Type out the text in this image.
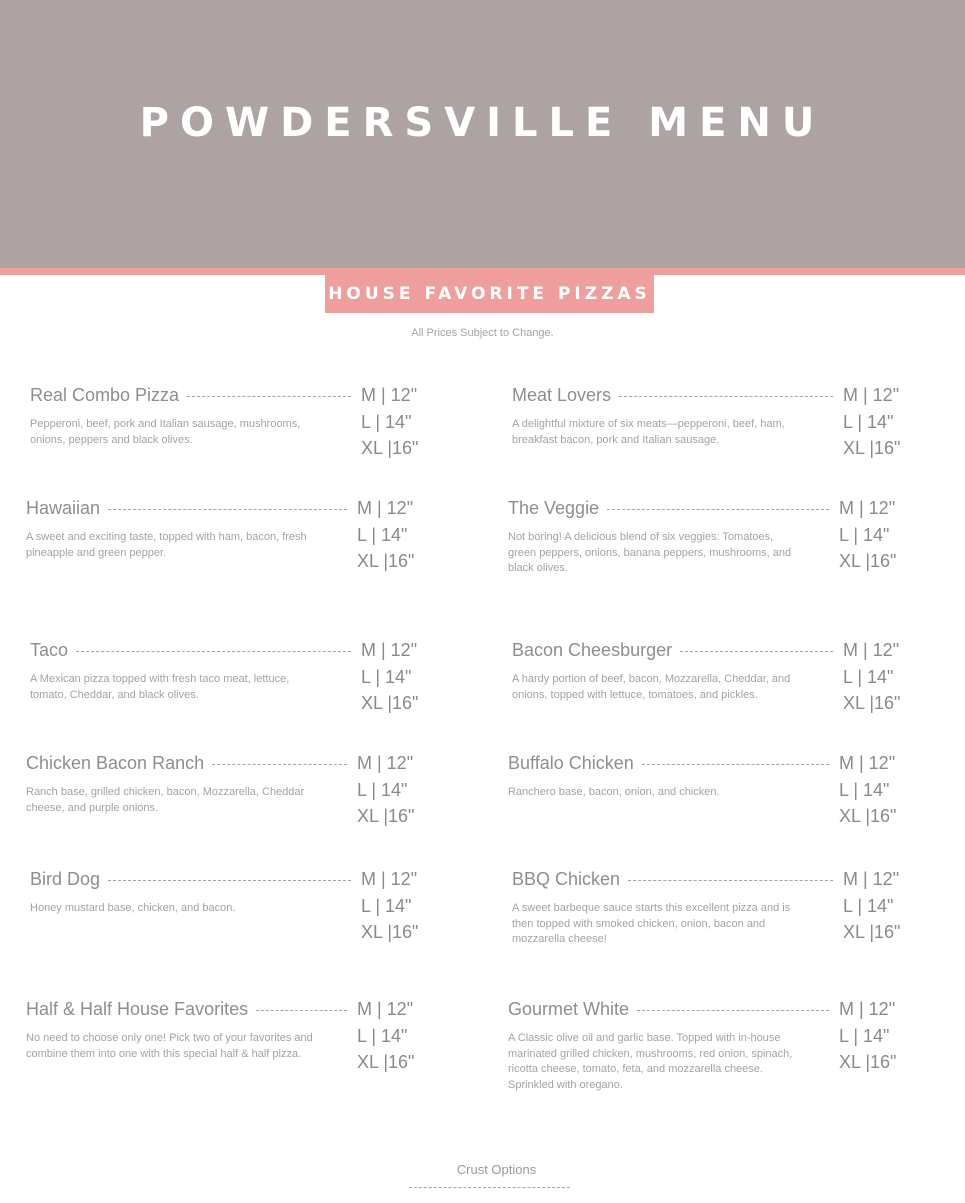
POWDERSVILLE MENU
HOUSE FAVORITE PIZZAS
All Prices Subject to Change.
Real Combo Pizza
Pepperoni, beef, pork and Italian sausage, mushrooms, onions, peppers and black olives.
M | 12"
L | 14"
XL |16"
Meat Lovers
A delightful mixture of six meats—pepperoni, beef, ham, breakfast bacon, pork and Italian sausage.
M | 12"
L | 14"
XL |16"
Hawaiian
A sweet and exciting taste, topped with ham, bacon, fresh pineapple and green pepper.
M | 12"
L | 14"
XL |16"
The Veggie
Not boring! A delicious blend of six veggies: Tomatoes, green peppers, onions, banana peppers, mushrooms, and black olives.
M | 12"
L | 14"
XL |16"
Taco
A Mexican pizza topped with fresh taco meat, lettuce, tomato, Cheddar, and black olives.
M | 12"
L | 14"
XL |16"
Bacon Cheesburger
A hardy portion of beef, bacon, Mozzarella, Cheddar, and onions, topped with lettuce, tomatoes, and pickles.
M | 12"
L | 14"
XL |16"
Chicken Bacon Ranch
Ranch base, grilled chicken, bacon, Mozzarella, Cheddar cheese, and purple onions.
M | 12"
L | 14"
XL |16"
Buffalo Chicken
Ranchero base, bacon, onion, and chicken.
M | 12"
L | 14"
XL |16"
Bird Dog
Honey mustard base, chicken, and bacon.
M | 12"
L | 14"
XL |16"
BBQ Chicken
A sweet barbeque sauce starts this excellent pizza and is then topped with smoked chicken, onion, bacon and mozzarella cheese!
M | 12"
L | 14"
XL |16"
Half & Half House Favorites
No need to choose only one! Pick two of your favorites and combine them into one with this special half & half pizza.
M | 12"
L | 14"
XL |16"
Gourmet White
A Classic olive oil and garlic base. Topped with in-house marinated grilled chicken, mushrooms, red onion, spinach, ricotta cheese, tomato, feta, and mozzarella cheese. Sprinkled with oregano.
M | 12"
L | 14"
XL |16"
Crust Options
